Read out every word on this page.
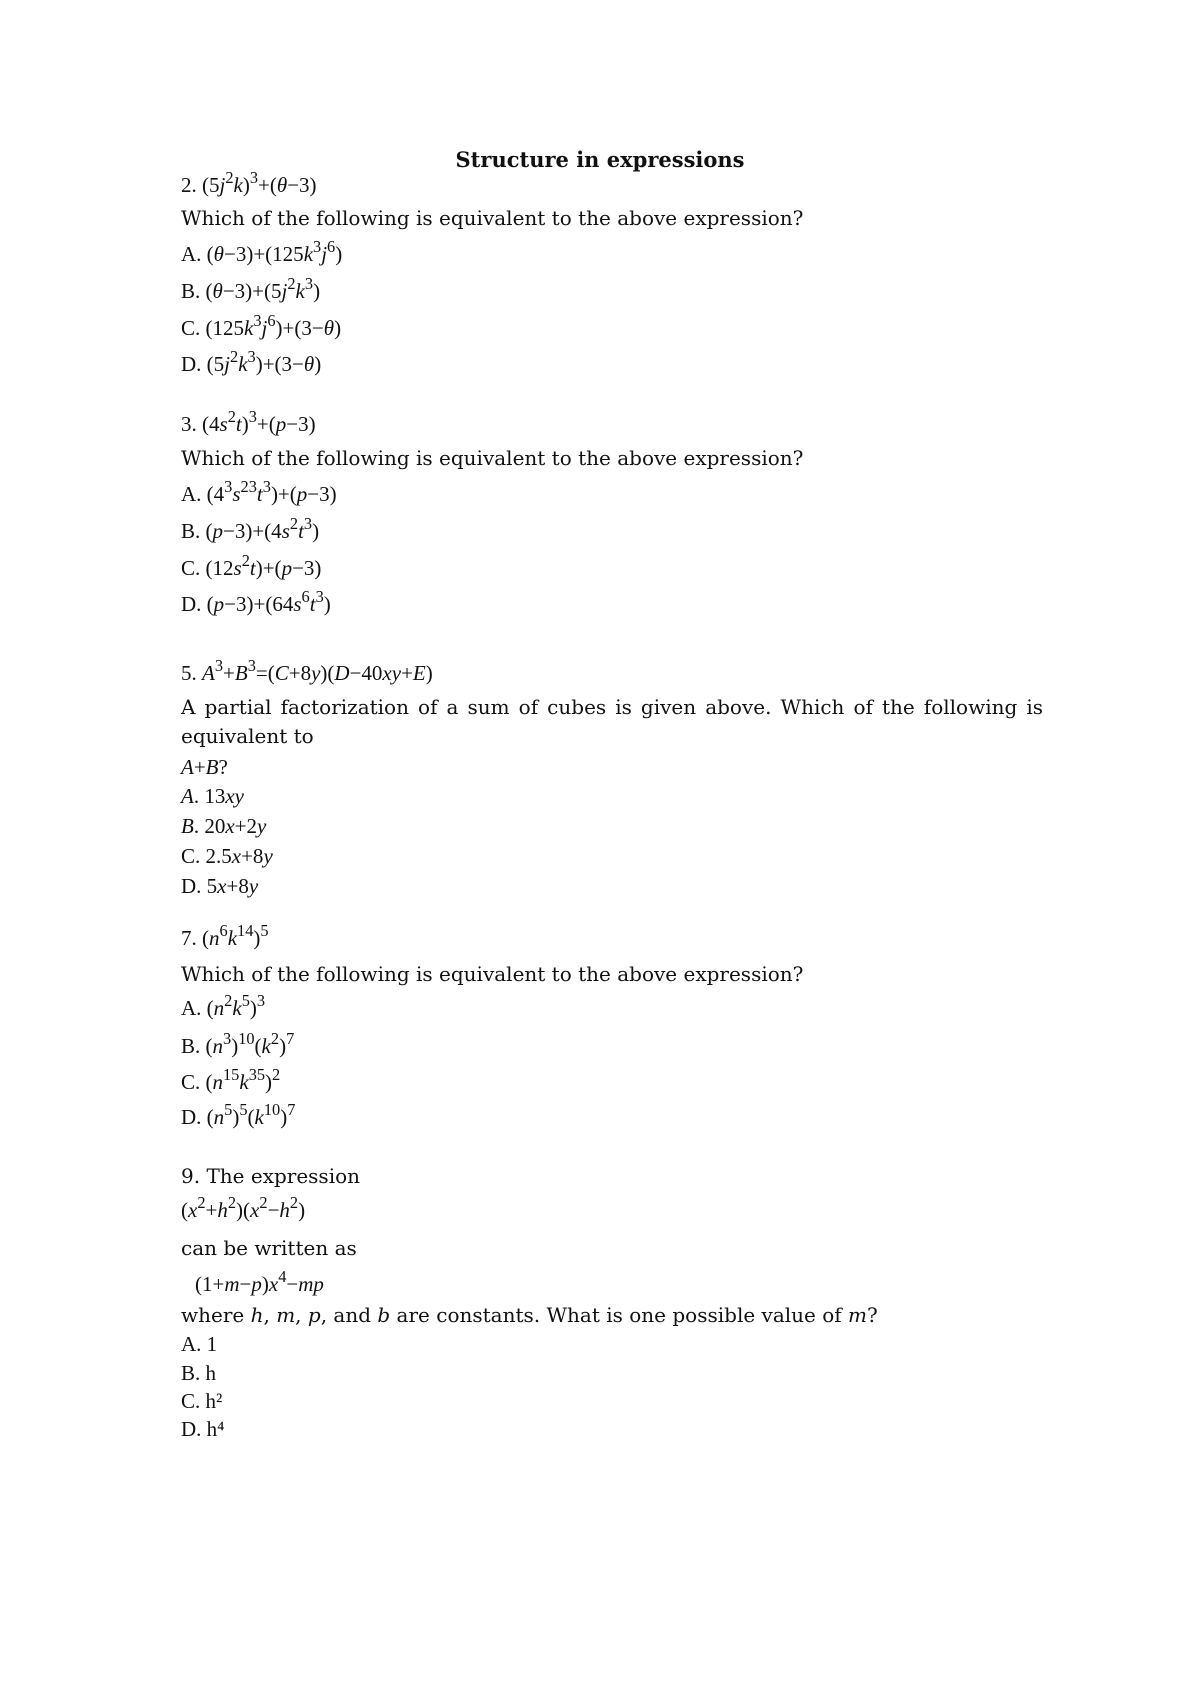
Structure in expressions
2. $(5j^2k)^3+(\theta-3)$
Which of the following is equivalent to the above expression?
A. $(\theta-3)+(125k^3j^6)$
B. $(\theta-3)+(5j^2k^3)$
C. $(125k^3j^6)+(3-\theta)$
D. $(5j^2k^3)+(3-\theta)$
3. $(4s^2t)^3+(p-3)$
Which of the following is equivalent to the above expression?
A. $(4^3s^{23}t^3)+(p-3)$
B. $(p-3)+(4s^2t^3)$
C. $(12s^2t)+(p-3)$
D. $(p-3)+(64s^6t^3)$
5. $A^3+B^3=(C+8y)(D-40xy+E)$
A partial factorization of a sum of cubes is given above. Which of the following is equivalent to
A+B?
A. 13xy
B. 20x+2y
C. 2.5x+8y
D. 5x+8y
7. $(n^6k^{14})^5$
Which of the following is equivalent to the above expression?
A. $(n^2k^5)^3$
B. $(n^3)^{10}(k^2)^7$
C. $(n^{15}k^{35})^2$
D. $(n^5)^5(k^{10})^7$
9. The expression
$(x^2+h^2)(x^2-h^2)$
can be written as
$(1+m-p)x^4-mp$
where h, m, p, and b are constants. What is one possible value of m?
A. 1
B. h
C. h²
D. h⁴
